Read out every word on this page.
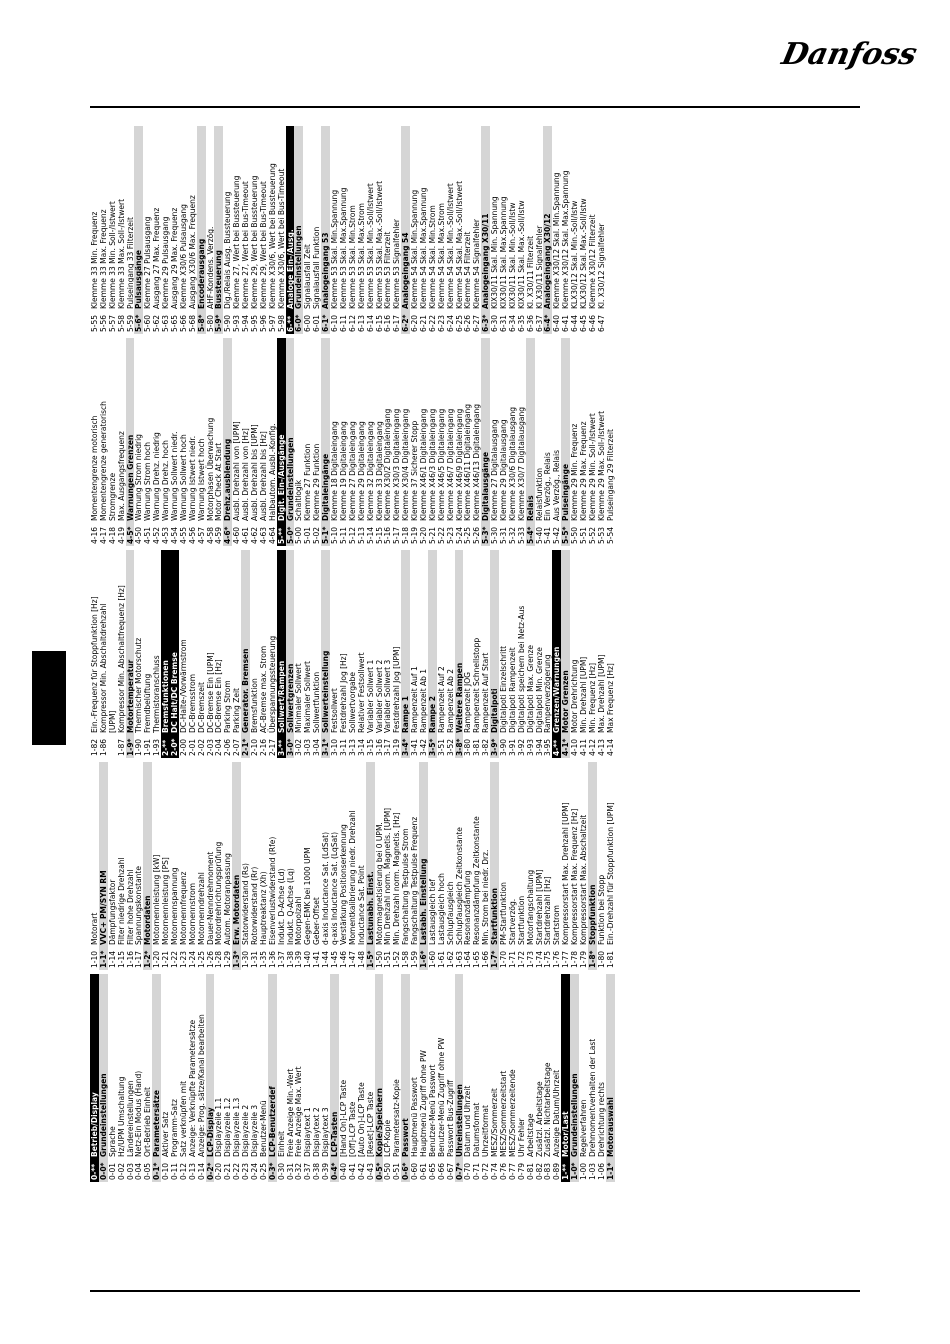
Danfoss
0-**
Betrieb/Display
0-0*
Grundeinstellungen
0-01
Sprache
0-02
Hz/UPM Umschaltung
0-03
Ländereinstellungen
0-04
Netz-Ein Modus (Hand)
0-05
Ort-Betrieb Einheit
0-1*
Parametersätze
0-10
Aktiver Satz
0-11
Programm-Satz
0-12
Satz verknüpfen mit
0-13
Anzeige: Verknüpfte Parametersätze
0-14
Anzeige: Prog. sätze/Kanal bearbeiten
0-2*
LCP-Display
0-20
Displayzeile 1.1
0-21
Displayzeile 1.2
0-22
Displayzeile 1.3
0-23
Displayzeile 2
0-24
Displayzeile 3
0-25
Benutzer-Menü
0-3*
LCP-Benutzerdef
0-30
Einheit
0-31
Freie Anzeige Min.-Wert
0-32
Freie Anzeige Max. Wert
0-37
Displaytext 1
0-38
Displaytext 2
0-39
Displaytext 3
0-4*
LCP-Tasten
0-40
[Hand On]-LCP Taste
0-41
[Off]-LCP Taste
0-42
[Auto On]-LCP Taste
0-43
[Reset]-LCP Taste
0-5*
Kopie/Speichern
0-50
LCP-Kopie
0-51
Parametersatz-Kopie
0-6*
Passwort
0-60
Hauptmenü Passwort
0-61
Hauptmenü Zugriff ohne PW
0-65
Benutzer-Menü Passwort
0-66
Benutzer-Menü Zugriff ohne PW
0-67
Passwort Bus-Zugriff
0-7*
Uhreinstellungen
0-70
Datum und Uhrzeit
0-71
Datumsformat
0-72
Uhrzeitformat
0-74
MESZ/Sommerzeit
0-76
MESZ/Sommerzeitstart
0-77
MESZ/Sommerzeitende
0-79
Uhr Fehler
0-81
Arbeitstage
0-82
Zusätzl. Arbeitstage
0-83
Zusätzl. Nichtarbeitstage
0-89
Anzeige Datum/Uhrzeit
1-**
Motor/Last
1-0*
Grundeinstellungen
1-00
Regelverfahren
1-03
Drehmomentverhalten der Last
1-06
Drehrichtung rechts
1-1*
Motorauswahl
1-10
Motorart
1-1*
VVC+ PM/SYN RM
1-14
Dämpfungsfaktor
1-15
Filter niedrige Drehzahl
1-16
Filter hohe Drehzahl
1-17
Spannungskonstante
1-2*
Motordaten
1-20
Motornennleistung [kW]
1-21
Motornennleistung [PS]
1-22
Motornennspannung
1-23
Motornennfrequenz
1-24
Motornennstrom
1-25
Motornenndrehzahl
1-26
Dauer-Nenndrehmoment
1-28
Motordrehrichtungsprüfung
1-29
Autom. Motoranpassung
1-3*
Erw. Motordaten
1-30
Statorwiderstand (Rs)
1-31
Rotorwiderstand (Rr)
1-35
Hauptreaktanz (Xh)
1-36
Eisenverlustwiderstand (Rfe)
1-37
Indukt. D-Achse (Ld)
1-38
Indukt. Q-Achse (Lq)
1-39
Motorpolzahl
1-40
Gegen-EMK bei 1000 UPM
1-41
Geber-Offset
1-44
d-axis Inductance Sat. (LdSat)
1-45
q-axis Inductance Sat. (LqSat)
1-46
Verstärkung Positionserkennung
1-47
Momentkalibrierung niedr. Drehzahl
1-48
Inductance Sat. Point
1-5*
Lastunabh. Einst.
1-50
Motormagnetisierung bei 0 UPM.
1-51
Min Drehzahl norm. Magnetis. [UPM]
1-52
Min. Drehzahl norm. Magnetis. [Hz]
1-58
Fangschaltung Testpulse Strom
1-59
Fangschaltung Testpulse Frequenz
1-6*
Lastabh. Einstellung
1-60
Lastausgleich tief
1-61
Lastausgleich hoch
1-62
Schlupfausgleich
1-63
Schlupfausgleich Zeitkonstante
1-64
Resonanzdämpfung
1-65
Resonanzdämpfung Zeitkonstante
1-66
Min. Strom bei niedr. Drz.
1-7*
Startfunktion
1-70
PM-Startfunktion
1-71
Startverzög.
1-72
Startfunktion
1-73
Motorfangschaltung
1-74
Startdrehzahl [UPM]
1-75
Startdrehzahl [Hz]
1-76
Startstrom
1-77
Kompressorstart Max. Drehzahl [UPM]
1-78
Kompressorstart Max. Frequenz [Hz]
1-79
Kompressorstart Max. Abschaltzeit
1-8*
Stoppfunktion
1-80
Funktion bei Stopp
1-81
Ein.-Drehzahl für Stoppfunktion [UPM]
1-82
Ein.-Frequenz für Stoppfunktion [Hz]
1-86
Kompressor Min. Abschaltdrehzahl [UPM]
1-87
Kompressor Min. Abschaltfrequenz [Hz]
1-9*
Motortemperatur
1-90
Thermischer Motorschutz
1-91
Fremdbelüftung
1-93
Thermistoranschluss
2-**
Bremsfunktionen
2-0*
DC Halt/DC Bremse
2-00
DC-Halte-/Vorwärmstrom
2-01
DC-Bremsstrom
2-02
DC-Bremszeit
2-03
DC-Bremse Ein [UPM]
2-04
DC-Bremse Ein [Hz]
2-06
Parking Strom
2-07
Parking Zeit
2-1*
Generator. Bremsen
2-10
Bremsfunktion
2-16
AC-Bremse max. Strom
2-17
Überspannungssteuerung
3-**
Sollwert/Rampen
3-0*
Sollwertgrenzen
3-02
Minimaler Sollwert
3-03
Maximaler Sollwert
3-04
Sollwertfunktion
3-1*
Sollwerteinstellung
3-10
Festsollwert
3-11
Festdrehzahl Jog [Hz]
3-13
Sollwertvorgabe
3-14
Relativer Festsollwert
3-15
Variabler Sollwert 1
3-16
Variabler Sollwert 2
3-17
Variabler Sollwert 3
3-19
Festdrehzahl Jog [UPM]
3-4*
Rampe 1
3-41
Rampenzeit Auf 1
3-42
Rampenzeit Ab 1
3-5*
Rampe 2
3-51
Rampenzeit Auf 2
3-52
Rampenzeit Ab 2
3-8*
Weitere Rampen
3-80
Rampenzeit JOG
3-81
Rampenzeit Schnellstopp
3-82
Rampenzeit Auf Start
3-9*
Digitalpoti
3-90
Digitalpoti Einzelschritt
3-91
Digitalpoti Rampenzeit
3-92
Digitalpoti speichern bei Netz-Aus
3-93
Digitalpoti Max. Grenze
3-94
Digitalpoti Min. Grenze
3-95
Rampenverzögerung
4-**
Grenzen/Warnungen
4-1*
Motor Grenzen
4-10
Motor Drehrichtung
4-11
Min. Drehzahl [UPM]
4-12
Min. Frequenz [Hz]
4-13
Max. Drehzahl [UPM]
4-14
Max Frequenz [Hz]
4-16
Momentengrenze motorisch
4-17
Momentengrenze generatorisch
4-18
Stromgrenze
4-19
Max. Ausgangsfrequenz
4-5*
Warnungen Grenzen
4-50
Warnung Strom niedrig
4-51
Warnung Strom hoch
4-52
Warnung Drehz. niedrig
4-53
Warnung Drehz. hoch
4-54
Warnung Sollwert niedr.
4-55
Warnung Sollwert hoch
4-56
Warnung Istwert niedr.
4-57
Warnung Istwert hoch
4-58
Motorphasen Überwachung
4-59
Motor Check At Start
4-6*
Drehz.ausblendung
4-60
Ausbl. Drehzahl von [UPM]
4-61
Ausbl. Drehzahl von [Hz]
4-62
Ausbl. Drehzahl bis [UPM]
4-63
Ausbl. Drehzahl bis [Hz]
4-64
Halbautom. Ausbl.-Konfig.
5-**
Digit. Ein-/Ausgänge
5-0*
Grundeinstellungen
5-00
Schaltlogik
5-01
Klemme 27 Funktion
5-02
Klemme 29 Funktion
5-1*
Digitaleingänge
5-10
Klemme 18 Digitaleingang
5-11
Klemme 19 Digitaleingang
5-12
Klemme 27 Digitaleingang
5-13
Klemme 29 Digitaleingang
5-14
Klemme 32 Digitaleingang
5-15
Klemme 33 Digitaleingang
5-16
Klemme X30/2 Digitaleingang
5-17
Klemme X30/3 Digitaleingang
5-18
Klemme X30/4 Digitaleingang
5-19
Klemme 37 Sicherer Stopp
5-20
Klemme X46/1 Digitaleingang
5-21
Klemme X46/3 Digitaleingang
5-22
Klemme X46/5 Digitaleingang
5-23
Klemme X46/7 Digitaleingang
5-24
Klemme X46/9 Digitaleingang
5-25
Klemme X46/11 Digitaleingang
5-26
Klemme X46/13 Digitaleingang
5-3*
Digitalausgänge
5-30
Klemme 27 Digitalausgang
5-31
Klemme 29 Digitalausgang
5-32
Klemme X30/6 Digitalausgang
5-33
Klemme X30/7 Digitalausgang
5-4*
Relais
5-40
Relaisfunktion
5-41
Ein Verzög., Relais
5-42
Aus Verzög., Relais
5-5*
Pulseingänge
5-50
Klemme 29 Min. Frequenz
5-51
Klemme 29 Max. Frequenz
5-52
Klemme 29 Min. Soll-/Istwert
5-53
Klemme 29 Max. Soll-/Istwert
5-54
Pulseingang 29 Filterzeit
5-55
Klemme 33 Min. Frequenz
5-56
Klemme 33 Max. Frequenz
5-57
Klemme 33 Min. Soll-/Istwert
5-58
Klemme 33 Max. Soll-/Istwert
5-59
Pulseingang 33 Filterzeit
5-6*
Pulsausgänge
5-60
Klemme 27 Pulsausgang
5-62
Ausgang 27 Max. Frequenz
5-63
Klemme 29 Pulsausgang
5-65
Ausgang 29 Max. Frequenz
5-66
Klemme X30/6 Pulsausgang
5-68
Ausgang X30/6 Max. Frequenz
5-8*
Encoderausgang
5-80
AHF-Kondens. Verzög.
5-9*
Bussteuerung
5-90
Dig./Relais Ausg. Bussteuerung
5-93
Klemme 27, Wert bei Bussteuerung
5-94
Klemme 27, Wert bei Bus-Timeout
5-95
Klemme 29, Wert bei Bussteuerung
5-96
Klemme 29, Wert bei Bus-Timeout
5-97
Klemme X30/6, Wert bei Bussteuerung
5-98
Klemme X30/6, Wert bei Bus-Timeout
6-**
Analoge Ein-/Ausg.
6-0*
Grundeinstellungen
6-00
Signalausfall Zeit
6-01
Signalausfall Funktion
6-1*
Analogeingang 53
6-10
Klemme 53 Skal. Min.Spannung
6-11
Klemme 53 Skal. Max.Spannung
6-12
Klemme 53 Skal. Min.Strom
6-13
Klemme 53 Skal. Max.Strom
6-14
Klemme 53 Skal. Min.-Soll/Istwert
6-15
Klemme 53 Skal. Max.-Soll/Istwert
6-16
Klemme 53 Filterzeit
6-17
Klemme 53 Signalfehler
6-2*
Analogeingang 54
6-20
Klemme 54 Skal. Min.Spannung
6-21
Klemme 54 Skal. Max.Spannung
6-22
Klemme 54 Skal. Min.Strom
6-23
Klemme 54 Skal. Max.Strom
6-24
Klemme 54 Skal. Min.-Soll/Istwert
6-25
Klemme 54 Skal. Max.-Soll/Istwert
6-26
Klemme 54 Filterzeit
6-27
Klemme 54 Signalfehler
6-3*
Analogeingang X30/11
6-30
KIX30/11 Skal. Min. Spannung
6-31
KIX30/11 Skal. Max.Spannung
6-34
KIX30/11 Skal. Min.-Soll/Istw
6-35
KIX30/11 Skal. Max.-Soll/Istw
6-36
Kl. X30/11 Filterzeit
6-37
Kl X30/11 Signalfehler
6-4*
Analogeingang X30/12
6-40
Klemme X30/12 Skal. Min.Spannung
6-41
Klemme X30/12 Skal. Max.Spannung
6-44
KLX30/12 Skal. Min.-Soll/Istw
6-45
KLX30/12 Skal. Max.-Soll/Istw
6-46
Klemme X30/12 Filterzeit
6-47
Kl. X30/12 Signalfehler
